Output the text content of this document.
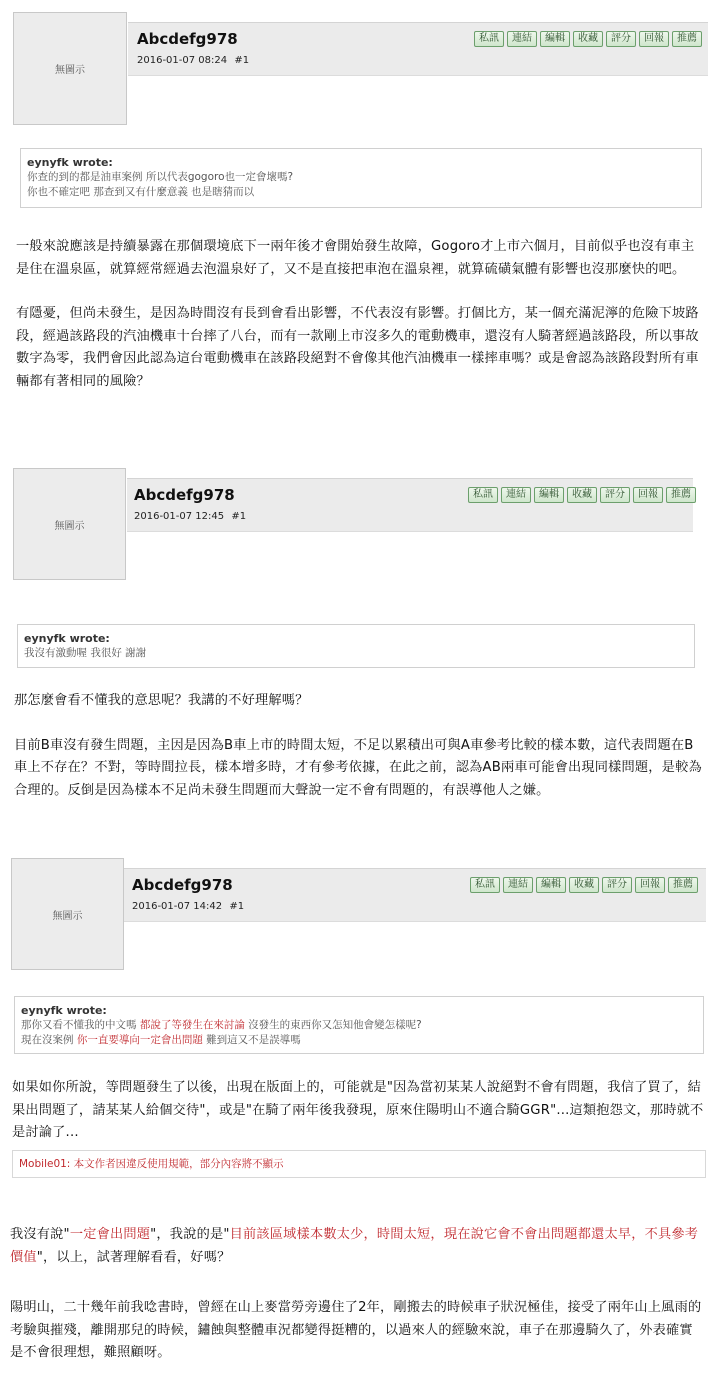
無圖示
Abcdefg978
2016-01-07 08:24 #1
私訊	連結	編輯	收藏	評分	回報	推薦
eynyfk wrote:
你查的到的都是油車案例 所以代表gogoro也一定會壞嗎?
你也不確定吧 那查到又有什麼意義 也是瞎猜而以

一般來說應該是持續暴露在那個環境底下一兩年後才會開始發生故障，Gogoro才上市六個月，目前似乎也沒有車主是住在溫泉區，就算經常經過去泡溫泉好了，又不是直接把車泡在溫泉裡，就算硫磺氣體有影響也沒那麼快的吧。

有隱憂，但尚未發生，是因為時間沒有長到會看出影響，不代表沒有影響。打個比方，某一個充滿泥濘的危險下坡路段，經過該路段的汽油機車十台摔了八台，而有一款剛上市沒多久的電動機車，還沒有人騎著經過該路段，所以事故數字為零，我們會因此認為這台電動機車在該路段絕對不會像其他汽油機車一樣摔車嗎？或是會認為該路段對所有車輛都有著相同的風險？

無圖示
Abcdefg978
2016-01-07 12:45 #1
私訊	連結	編輯	收藏	評分	回報	推薦
eynyfk wrote:
我沒有激動喔 我很好 謝謝

那怎麼會看不懂我的意思呢？我講的不好理解嗎？

目前B車沒有發生問題，主因是因為B車上市的時間太短，不足以累積出可與A車參考比較的樣本數，這代表問題在B車上不存在？不對，等時間拉長，樣本增多時，才有參考依據，在此之前，認為AB兩車可能會出現同樣問題，是較為合理的。反倒是因為樣本不足尚未發生問題而大聲說一定不會有問題的，有誤導他人之嫌。

無圖示
Abcdefg978
2016-01-07 14:42 #1
私訊	連結	編輯	收藏	評分	回報	推薦
eynyfk wrote:
那你又看不懂我的中文嗎 都說了等發生在來討論 沒發生的東西你又怎知他會變怎樣呢?
現在沒案例 你一直要導向一定會出問題 難到這又不是誤導嗎

如果如你所說，等問題發生了以後，出現在版面上的，可能就是"因為當初某某人說絕對不會有問題，我信了買了，結果出問題了，請某某人給個交待"，或是"在騎了兩年後我發現，原來住陽明山不適合騎GGR"...這類抱怨文，那時就不是討論了...

Mobile01: 本文作者因違反使用規範，部分內容將不顯示

我沒有說"一定會出問題"，我說的是"目前該區域樣本數太少，時間太短，現在說它會不會出問題都還太早，不具參考價值"，以上，試著理解看看，好嗎？

陽明山，二十幾年前我唸書時，曾經在山上麥當勞旁邊住了2年，剛搬去的時候車子狀況極佳，接受了兩年山上風雨的考驗與摧殘，離開那兒的時候，鏽蝕與整體車況都變得挺糟的，以過來人的經驗來說，車子在那邊騎久了，外表確實是不會很理想，難照顧呀。
